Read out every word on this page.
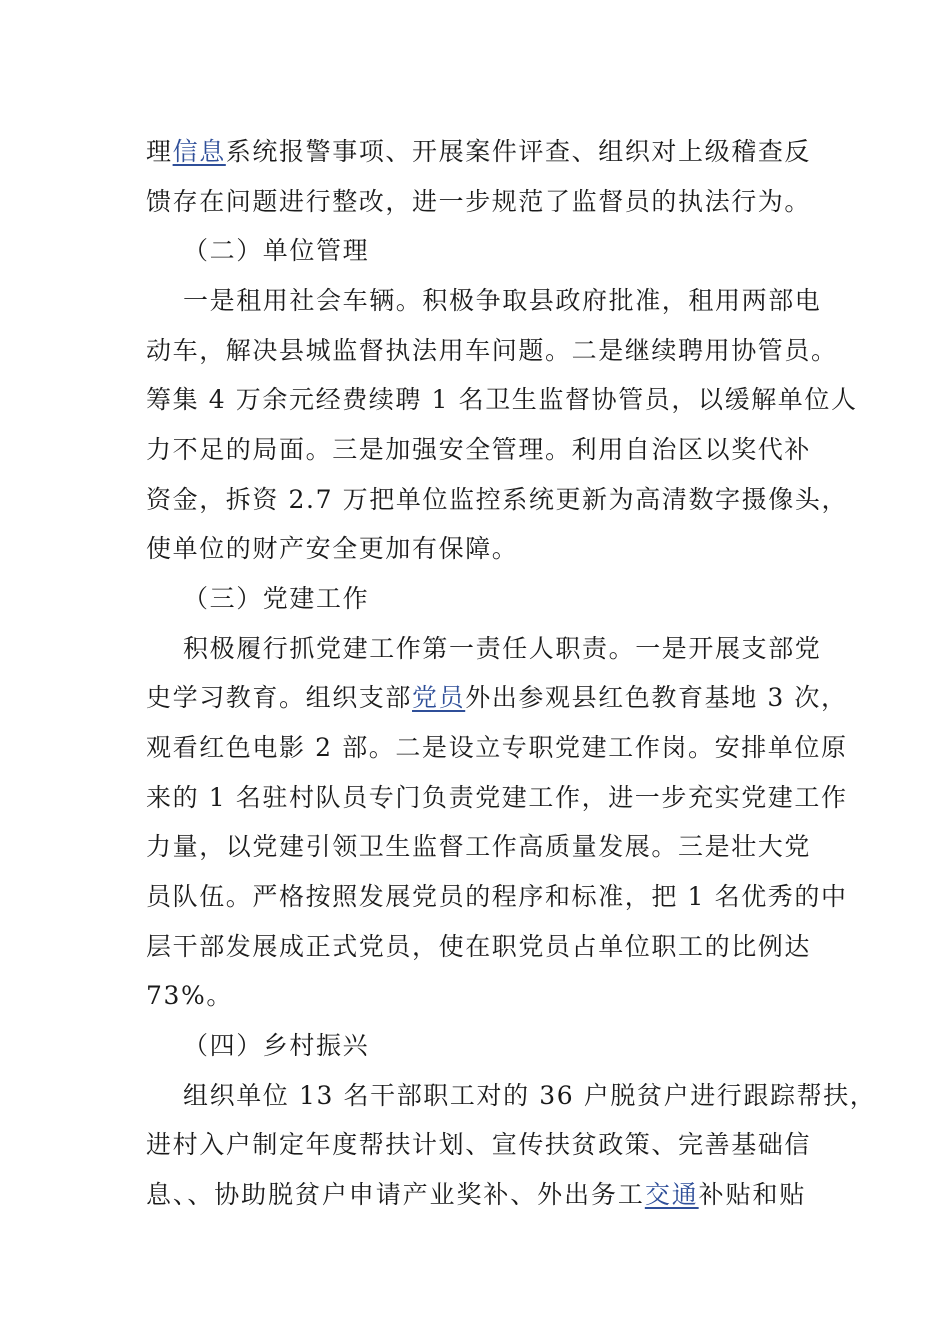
理信息系统报警事项、开展案件评查、组织对上级稽查反
馈存在问题进行整改，进一步规范了监督员的执法行为。
（二）单位管理
一是租用社会车辆。积极争取县政府批准，租用两部电
动车，解决县城监督执法用车问题。二是继续聘用协管员。
筹集 4 万余元经费续聘 1 名卫生监督协管员，以缓解单位人
力不足的局面。三是加强安全管理。利用自治区以奖代补
资金，拆资 2.7 万把单位监控系统更新为高清数字摄像头，
使单位的财产安全更加有保障。
（三）党建工作
积极履行抓党建工作第一责任人职责。一是开展支部党
史学习教育。组织支部党员外出参观县红色教育基地 3 次，
观看红色电影 2 部。二是设立专职党建工作岗。安排单位原
来的 1 名驻村队员专门负责党建工作，进一步充实党建工作
力量，以党建引领卫生监督工作高质量发展。三是壮大党
员队伍。严格按照发展党员的程序和标准，把 1 名优秀的中
层干部发展成正式党员，使在职党员占单位职工的比例达
73%。
（四）乡村振兴
组织单位 13 名干部职工对的 36 户脱贫户进行跟踪帮扶，
进村入户制定年度帮扶计划、宣传扶贫政策、完善基础信
息、、协助脱贫户申请产业奖补、外出务工交通补贴和贴
